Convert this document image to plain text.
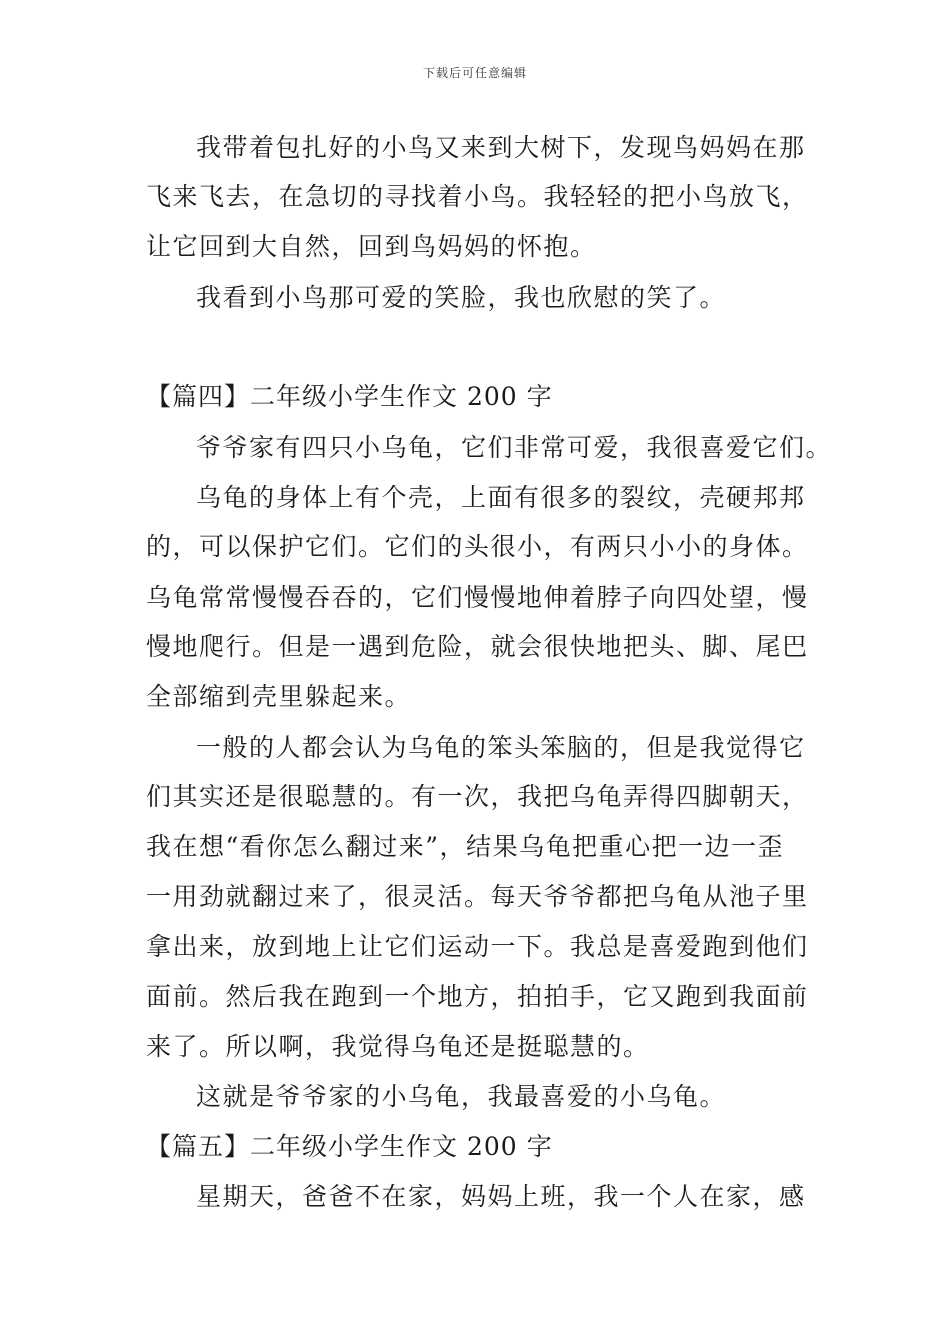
下载后可任意编辑
我带着包扎好的小鸟又来到大树下，发现鸟妈妈在那
飞来飞去，在急切的寻找着小鸟。我轻轻的把小鸟放飞，
让它回到大自然，回到鸟妈妈的怀抱。
我看到小鸟那可爱的笑脸，我也欣慰的笑了。
【篇四】二年级小学生作文 200 字
爷爷家有四只小乌龟，它们非常可爱，我很喜爱它们。
乌龟的身体上有个壳，上面有很多的裂纹，壳硬邦邦
的，可以保护它们。它们的头很小，有两只小小的身体。
乌龟常常慢慢吞吞的，它们慢慢地伸着脖子向四处望，慢
慢地爬行。但是一遇到危险，就会很快地把头、脚、尾巴
全部缩到壳里躲起来。
一般的人都会认为乌龟的笨头笨脑的，但是我觉得它
们其实还是很聪慧的。有一次，我把乌龟弄得四脚朝天，
我在想“看你怎么翻过来”，结果乌龟把重心把一边一歪
一用劲就翻过来了，很灵活。每天爷爷都把乌龟从池子里
拿出来，放到地上让它们运动一下。我总是喜爱跑到他们
面前。然后我在跑到一个地方，拍拍手，它又跑到我面前
来了。所以啊，我觉得乌龟还是挺聪慧的。
这就是爷爷家的小乌龟，我最喜爱的小乌龟。
【篇五】二年级小学生作文 200 字
星期天，爸爸不在家，妈妈上班，我一个人在家，感
